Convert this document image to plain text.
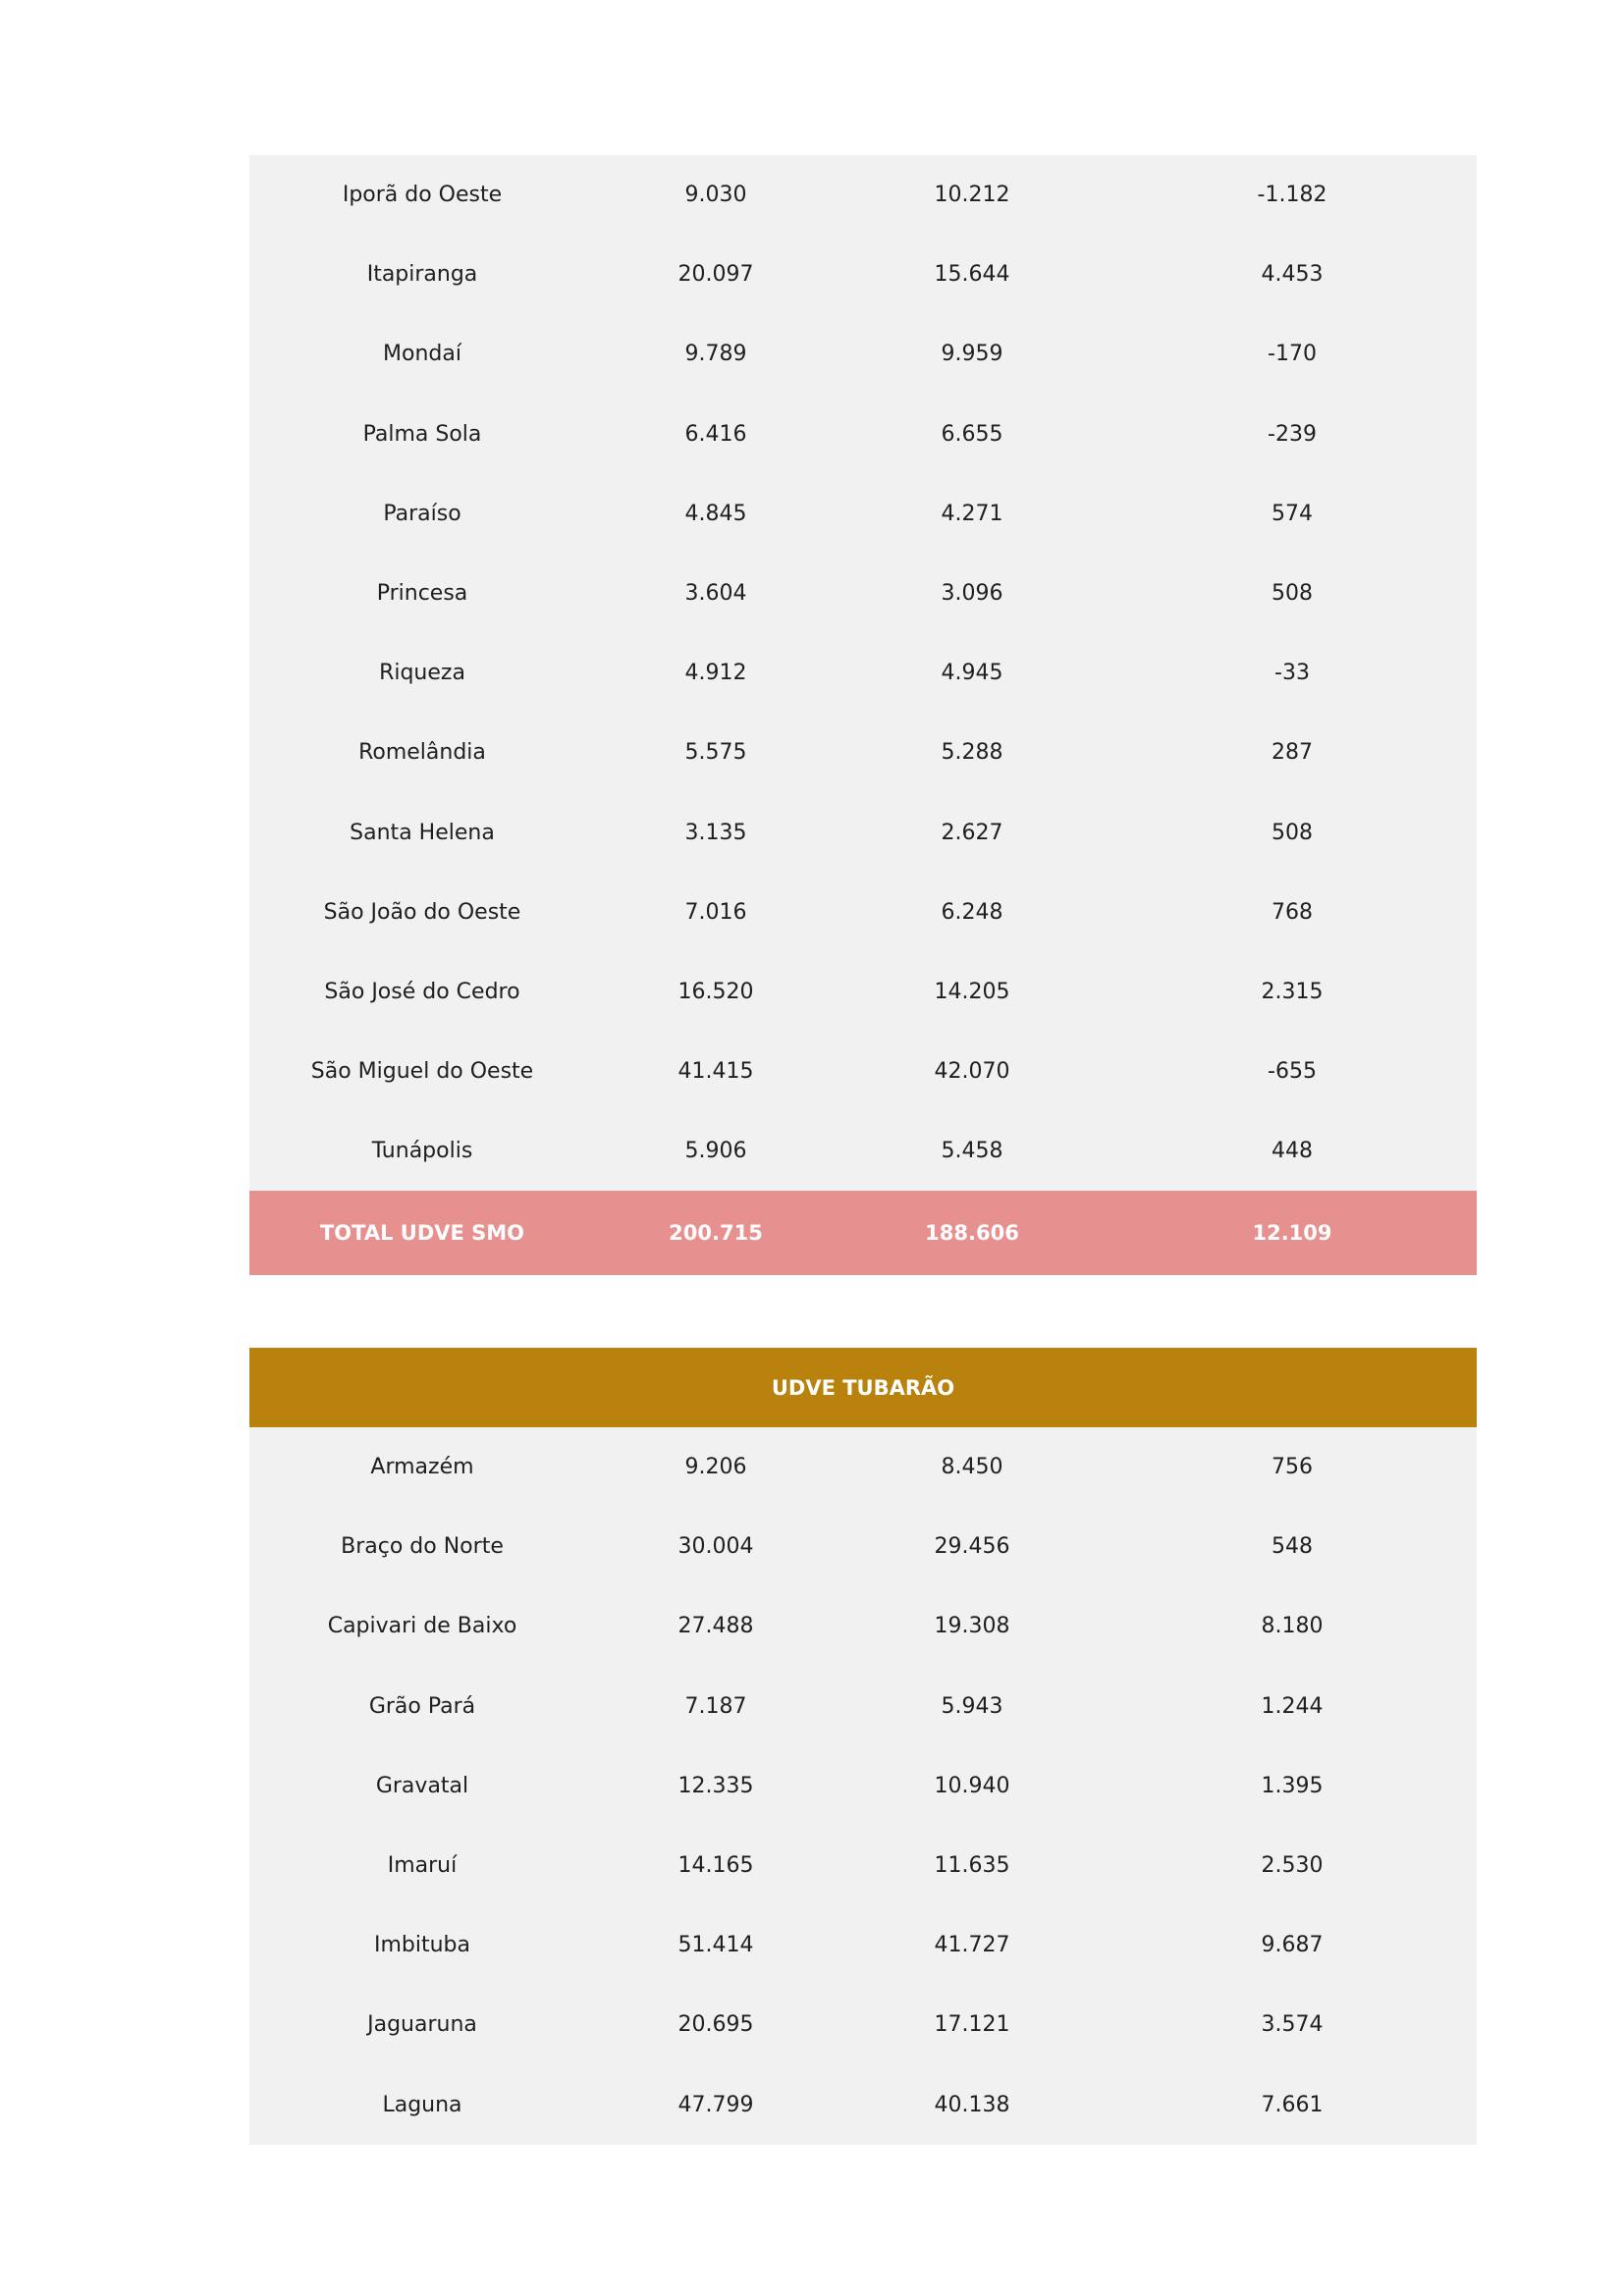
Iporã do Oeste	9.030	10.212	-1.182
Itapiranga	20.097	15.644	4.453
Mondaí	9.789	9.959	-170
Palma Sola	6.416	6.655	-239
Paraíso	4.845	4.271	574
Princesa	3.604	3.096	508
Riqueza	4.912	4.945	-33
Romelândia	5.575	5.288	287
Santa Helena	3.135	2.627	508
São João do Oeste	7.016	6.248	768
São José do Cedro	16.520	14.205	2.315
São Miguel do Oeste	41.415	42.070	-655
Tunápolis	5.906	5.458	448
TOTAL UDVE SMO	200.715	188.606	12.109
UDVE TUBARÃO
Armazém	9.206	8.450	756
Braço do Norte	30.004	29.456	548
Capivari de Baixo	27.488	19.308	8.180
Grão Pará	7.187	5.943	1.244
Gravatal	12.335	10.940	1.395
Imaruí	14.165	11.635	2.530
Imbituba	51.414	41.727	9.687
Jaguaruna	20.695	17.121	3.574
Laguna	47.799	40.138	7.661
